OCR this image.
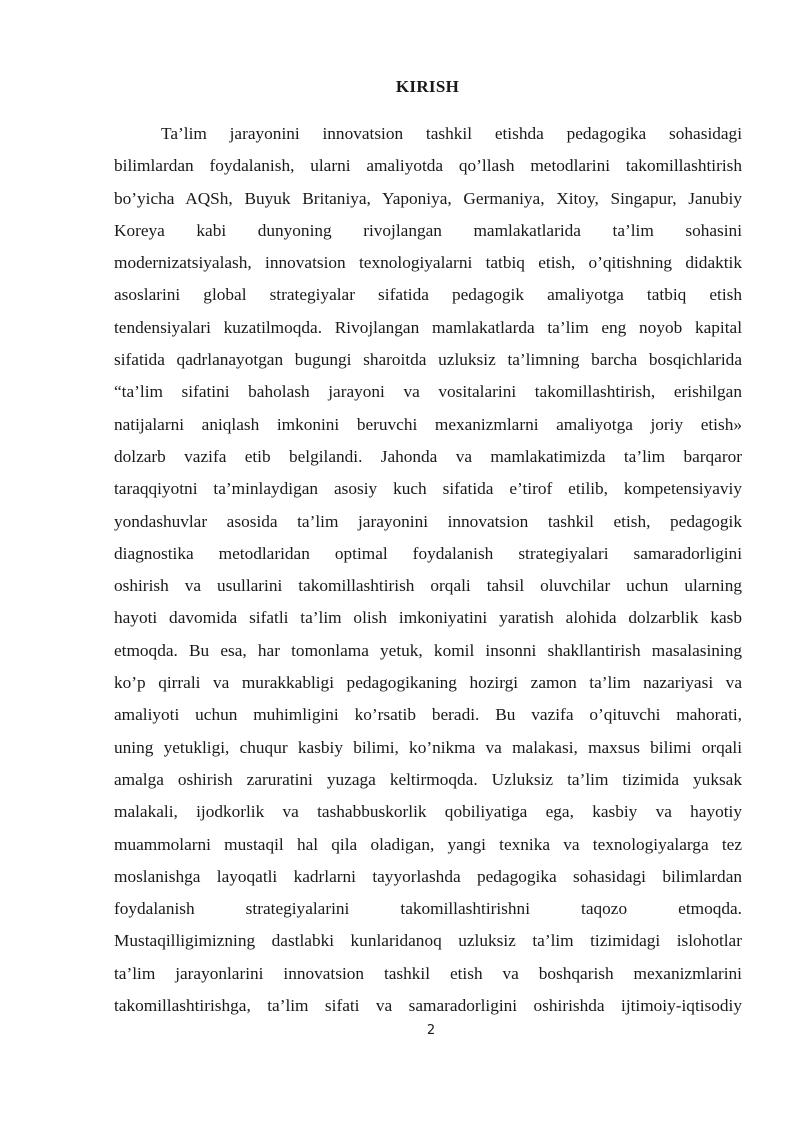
KIRISH
Ta’lim jarayonini innovatsion tashkil etishda pedagogika sohasidagi
bilimlardan foydalanish, ularni amaliyotda qo’llash metodlarini takomillashtirish
bo’yicha AQSh, Buyuk Britaniya, Yaponiya, Germaniya, Xitoy, Singapur, Janubiy
Koreya kabi dunyoning rivojlangan mamlakatlarida ta’lim sohasini
modernizatsiyalash, innovatsion texnologiyalarni tatbiq etish, o’qitishning didaktik
asoslarini global strategiyalar sifatida pedagogik amaliyotga tatbiq etish
tendensiyalari kuzatilmoqda. Rivojlangan mamlakatlarda ta’lim eng noyob kapital
sifatida qadrlanayotgan bugungi sharoitda uzluksiz ta’limning barcha bosqichlarida
“ta’lim sifatini baholash jarayoni va vositalarini takomillashtirish, erishilgan
natijalarni aniqlash imkonini beruvchi mexanizmlarni amaliyotga joriy etish»
dolzarb vazifa etib belgilandi. Jahonda va mamlakatimizda ta’lim barqaror
taraqqiyotni ta’minlaydigan asosiy kuch sifatida e’tirof etilib, kompetensiyaviy
yondashuvlar asosida ta’lim jarayonini innovatsion tashkil etish, pedagogik
diagnostika metodlaridan optimal foydalanish strategiyalari samaradorligini
oshirish va usullarini takomillashtirish orqali tahsil oluvchilar uchun ularning
hayoti davomida sifatli ta’lim olish imkoniyatini yaratish alohida dolzarblik kasb
etmoqda. Bu esa, har tomonlama yetuk, komil insonni shakllantirish masalasining
ko’p qirrali va murakkabligi pedagogikaning hozirgi zamon ta’lim nazariyasi va
amaliyoti uchun muhimligini ko’rsatib beradi. Bu vazifa o’qituvchi mahorati,
uning yetukligi, chuqur kasbiy bilimi, ko’nikma va malakasi, maxsus bilimi orqali
amalga oshirish zaruratini yuzaga keltirmoqda. Uzluksiz ta’lim tizimida yuksak
malakali, ijodkorlik va tashabbuskorlik qobiliyatiga ega, kasbiy va hayotiy
muammolarni mustaqil hal qila oladigan, yangi texnika va texnologiyalarga tez
moslanishga layoqatli kadrlarni tayyorlashda pedagogika sohasidagi bilimlardan
foydalanish strategiyalarini takomillashtirishni taqozo etmoqda.
Mustaqilligimizning dastlabki kunlaridanoq uzluksiz ta’lim tizimidagi islohotlar
ta’lim jarayonlarini innovatsion tashkil etish va boshqarish mexanizmlarini
takomillashtirishga, ta’lim sifati va samaradorligini oshirishda ijtimoiy-iqtisodiy
2
